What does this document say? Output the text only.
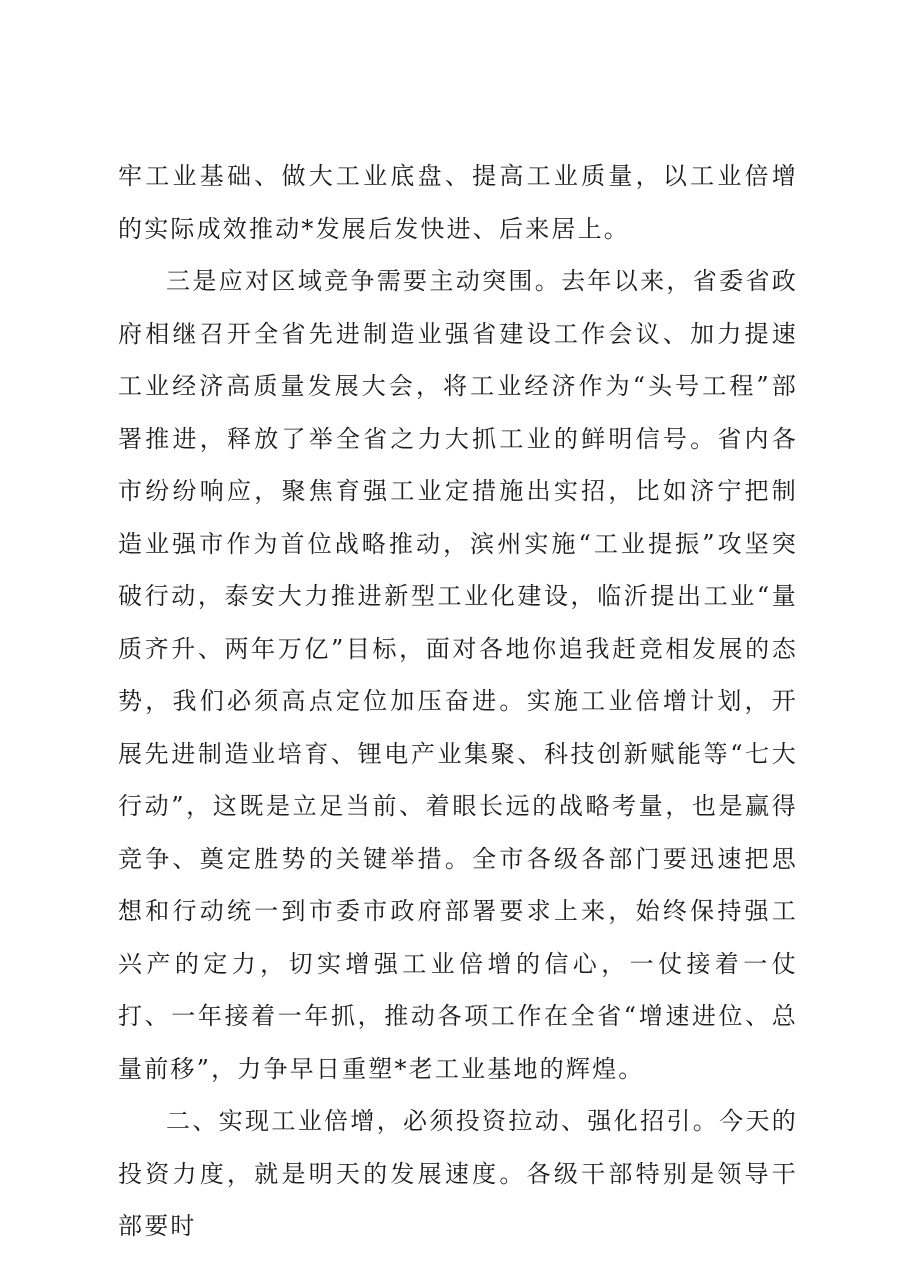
牢工业基础、做大工业底盘、提高工业质量，以工业倍增的实际成效推动*发展后发快进、后来居上。

三是应对区域竞争需要主动突围。去年以来，省委省政府相继召开全省先进制造业强省建设工作会议、加力提速工业经济高质量发展大会，将工业经济作为“头号工程”部署推进，释放了举全省之力大抓工业的鲜明信号。省内各市纷纷响应，聚焦育强工业定措施出实招，比如济宁把制造业强市作为首位战略推动，滨州实施“工业提振”攻坚突破行动，泰安大力推进新型工业化建设，临沂提出工业“量质齐升、两年万亿”目标，面对各地你追我赶竞相发展的态势，我们必须高点定位加压奋进。实施工业倍增计划，开展先进制造业培育、锂电产业集聚、科技创新赋能等“七大行动”，这既是立足当前、着眼长远的战略考量，也是赢得竞争、奠定胜势的关键举措。全市各级各部门要迅速把思想和行动统一到市委市政府部署要求上来，始终保持强工兴产的定力，切实增强工业倍增的信心，一仗接着一仗打、一年接着一年抓，推动各项工作在全省“增速进位、总量前移”，力争早日重塑*老工业基地的辉煌。

二、实现工业倍增，必须投资拉动、强化招引。今天的投资力度，就是明天的发展速度。各级干部特别是领导干部要时
